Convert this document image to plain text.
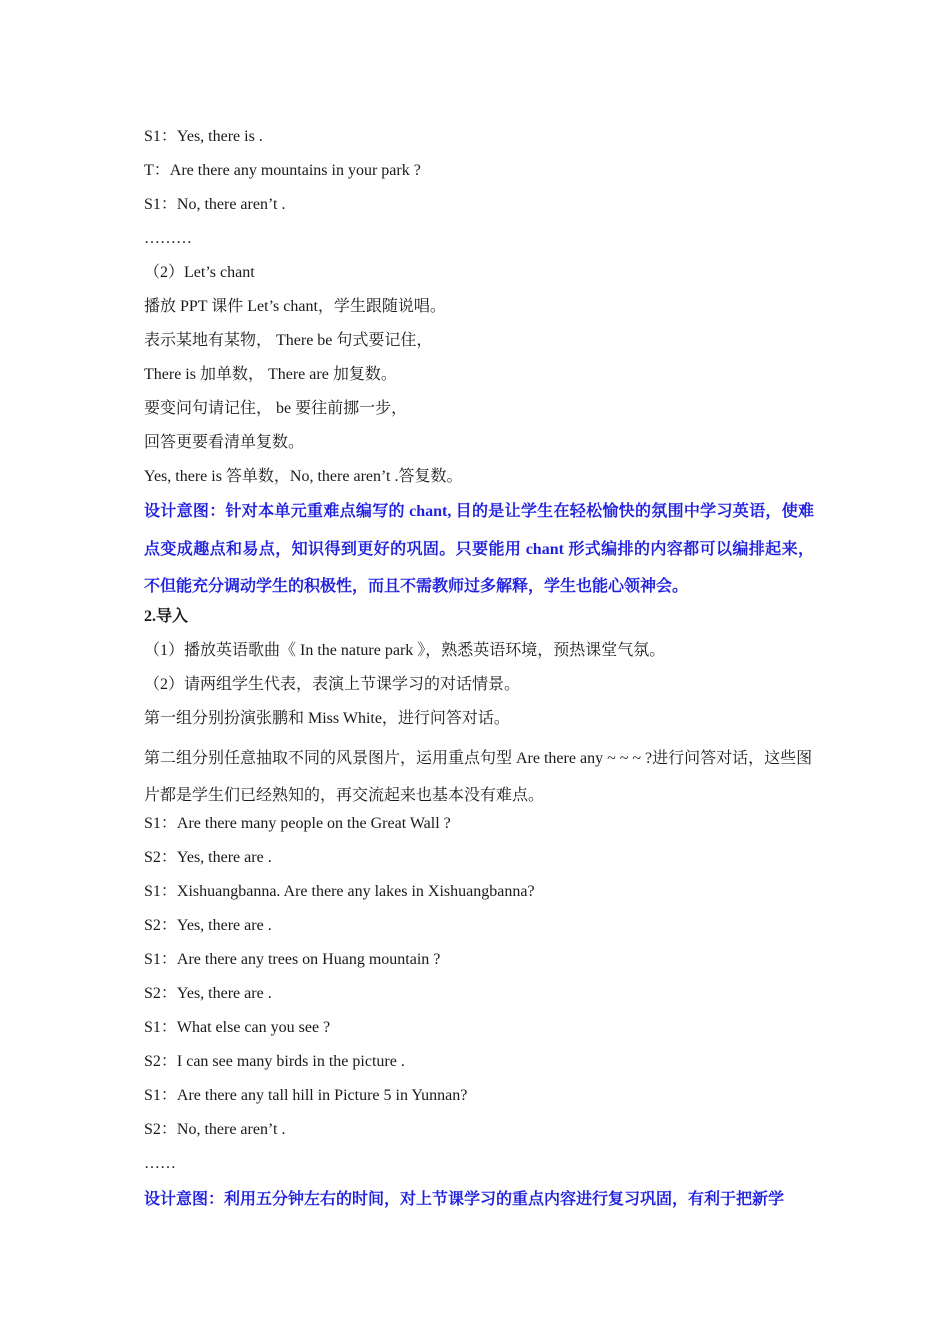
S1：Yes, there is .
T：Are there any mountains in your park ?
S1：No, there aren’t .
………
（2）Let’s chant
播放 PPT 课件 Let’s chant，学生跟随说唱。
表示某地有某物， There be 句式要记住，
There is 加单数， There are 加复数。
要变问句请记住， be 要往前挪一步，
回答更要看清单复数。
Yes, there is 答单数，No, there aren’t .答复数。
设计意图：针对本单元重难点编写的 chant, 目的是让学生在轻松愉快的氛围中学习英语，使难点变成趣点和易点，知识得到更好的巩固。只要能用 chant 形式编排的内容都可以编排起来，不但能充分调动学生的积极性，而且不需教师过多解释，学生也能心领神会。
2.导入
（1）播放英语歌曲《 In the nature park 》，熟悉英语环境，预热课堂气氛。
（2）请两组学生代表，表演上节课学习的对话情景。
第一组分别扮演张鹏和 Miss White，进行问答对话。
第二组分别任意抽取不同的风景图片，运用重点句型 Are there any ~ ~ ~ ?进行问答对话，这些图片都是学生们已经熟知的，再交流起来也基本没有难点。
S1：Are there many people on the Great Wall ?
S2：Yes, there are .
S1：Xishuangbanna. Are there any lakes in Xishuangbanna?
S2：Yes, there are .
S1：Are there any trees on Huang mountain ?
S2：Yes, there are .
S1：What else can you see ?
S2：I can see many birds in the picture .
S1：Are there any tall hill in Picture 5 in Yunnan?
S2：No, there aren’t .
……
设计意图：利用五分钟左右的时间，对上节课学习的重点内容进行复习巩固，有利于把新学
